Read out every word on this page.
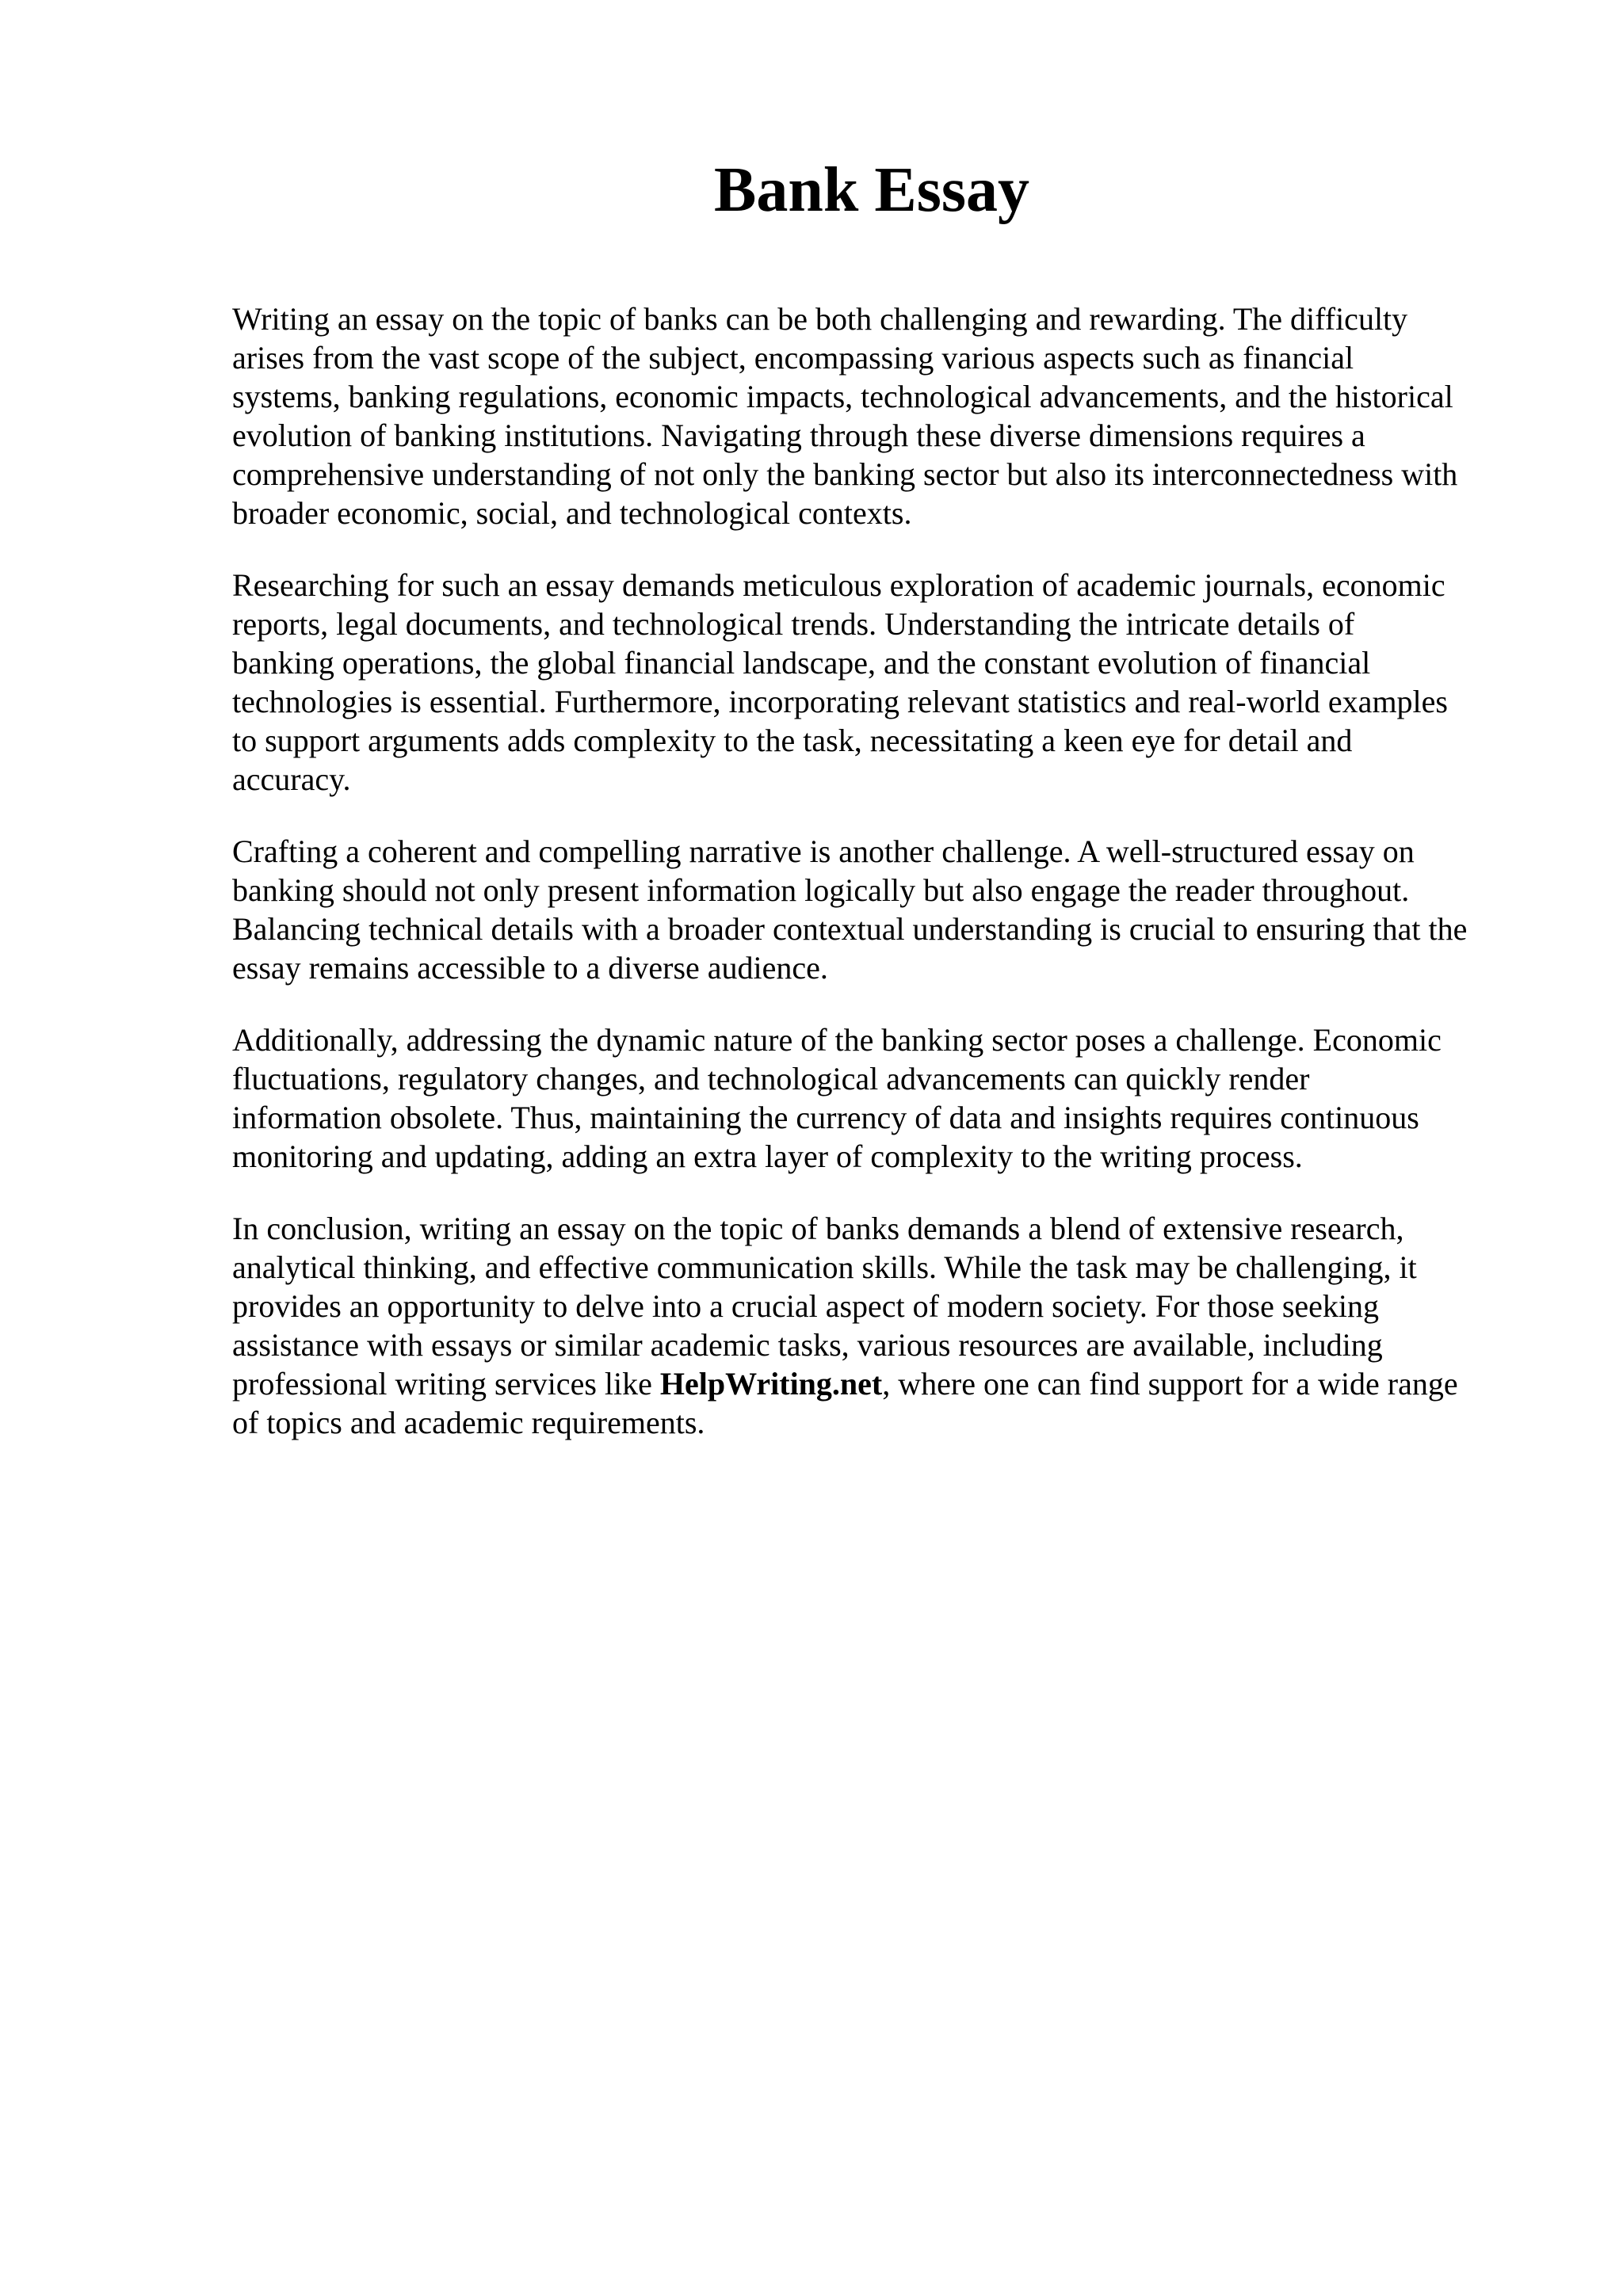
Bank Essay

Writing an essay on the topic of banks can be both challenging and rewarding. The difficulty
arises from the vast scope of the subject, encompassing various aspects such as financial
systems, banking regulations, economic impacts, technological advancements, and the historical
evolution of banking institutions. Navigating through these diverse dimensions requires a
comprehensive understanding of not only the banking sector but also its interconnectedness with
broader economic, social, and technological contexts.

Researching for such an essay demands meticulous exploration of academic journals, economic
reports, legal documents, and technological trends. Understanding the intricate details of
banking operations, the global financial landscape, and the constant evolution of financial
technologies is essential. Furthermore, incorporating relevant statistics and real-world examples
to support arguments adds complexity to the task, necessitating a keen eye for detail and
accuracy.

Crafting a coherent and compelling narrative is another challenge. A well-structured essay on
banking should not only present information logically but also engage the reader throughout.
Balancing technical details with a broader contextual understanding is crucial to ensuring that the
essay remains accessible to a diverse audience.

Additionally, addressing the dynamic nature of the banking sector poses a challenge. Economic
fluctuations, regulatory changes, and technological advancements can quickly render
information obsolete. Thus, maintaining the currency of data and insights requires continuous
monitoring and updating, adding an extra layer of complexity to the writing process.

In conclusion, writing an essay on the topic of banks demands a blend of extensive research,
analytical thinking, and effective communication skills. While the task may be challenging, it
provides an opportunity to delve into a crucial aspect of modern society. For those seeking
assistance with essays or similar academic tasks, various resources are available, including
professional writing services like HelpWriting.net, where one can find support for a wide range
of topics and academic requirements.
